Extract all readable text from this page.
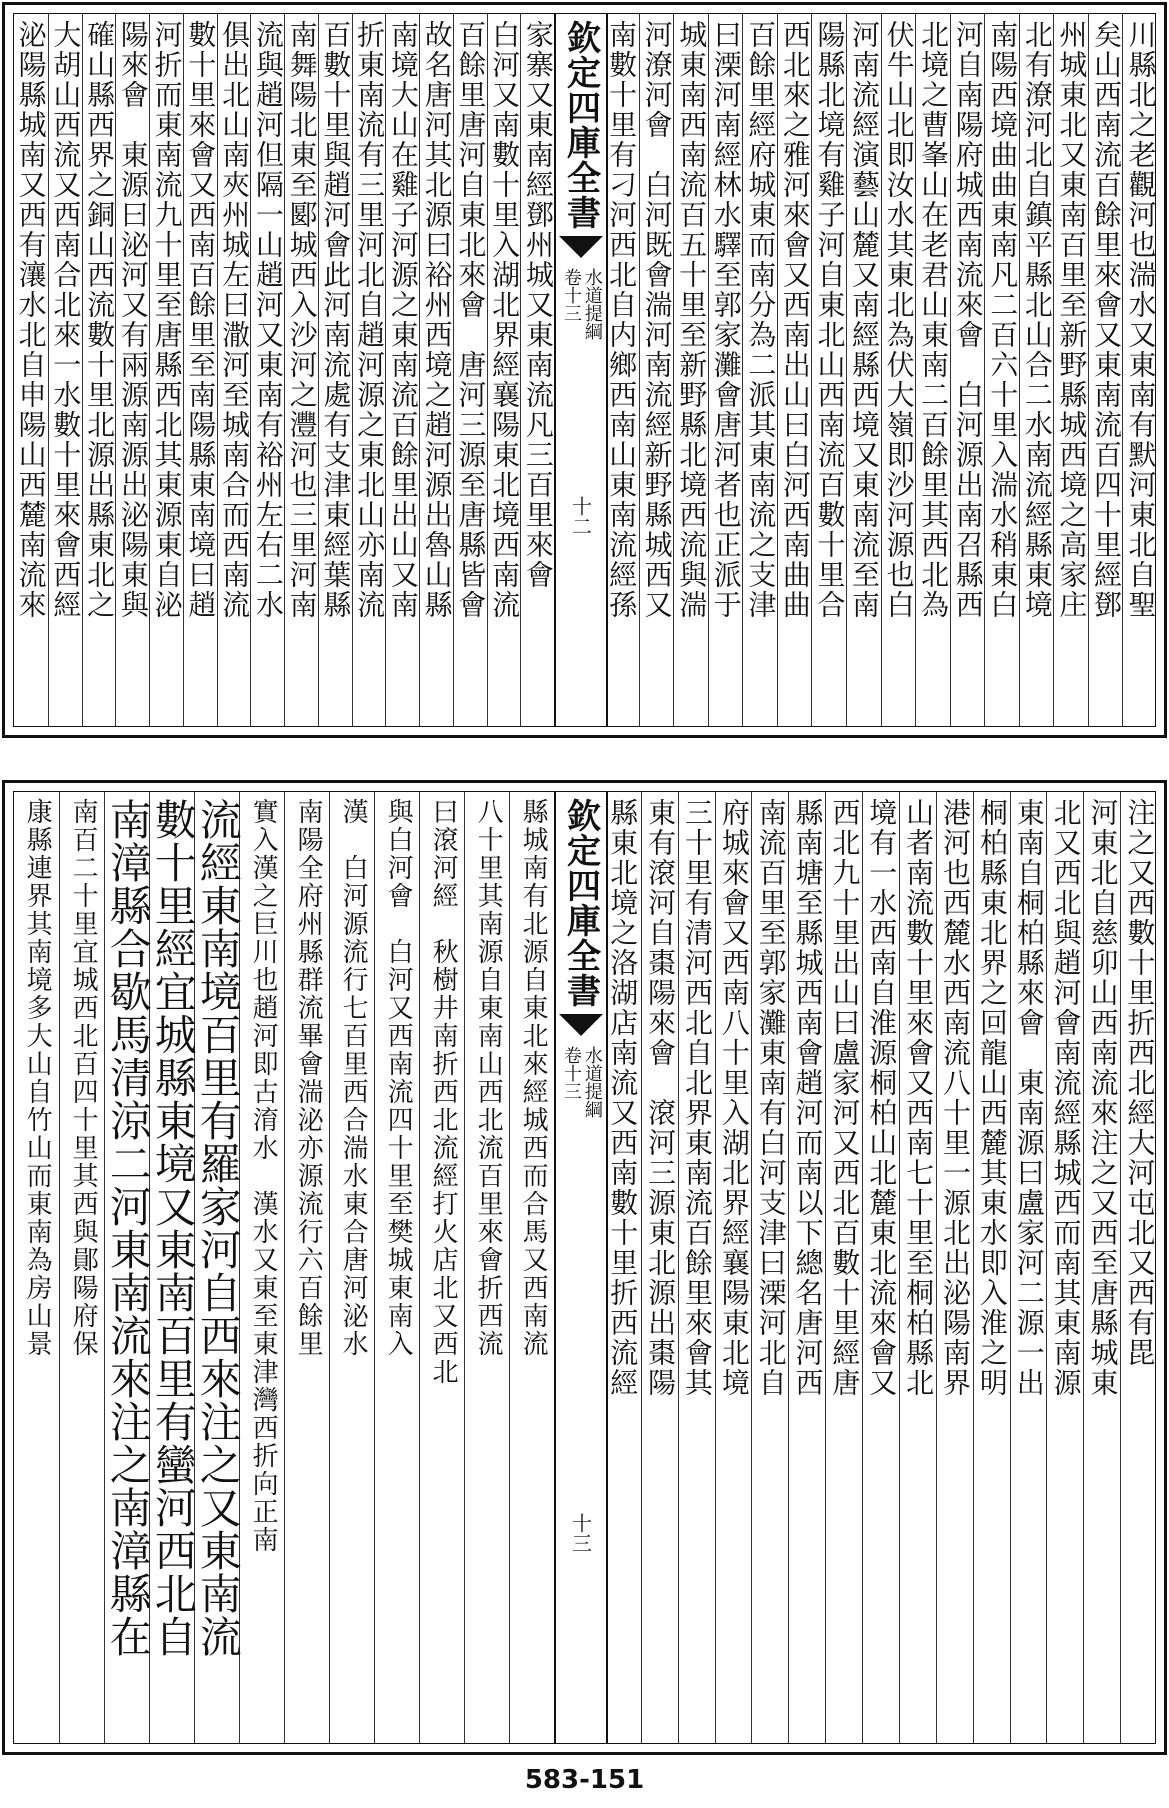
川縣北之老觀河也湍水又東南有默河東北自聖
矣山西南流百餘里來會又東南流百四十里經鄧
州城東北又東南百里至新野縣城西境之高家庄
北有潦河北自鎮平縣北山合二水南流經縣東境
南陽西境曲曲東南凡二百六十里入湍水稍東白
河自南陽府城西南流來會　白河源出南召縣西
北境之曹峯山在老君山東南二百餘里其西北為
伏牛山北即汝水其東北為伏大嶺即沙河源也白
河南流經演藝山麓又南經縣西境又東南流至南
陽縣北境有雞子河自東北山西南流百數十里合
西北來之雅河來會又西南出山曰白河西南曲曲
百餘里經府城東而南分為二派其東南流之支津
曰溧河南經林水驛至郭家灘會唐河者也正派于
城東南西南流百五十里至新野縣北境西流與湍
河潦河會　白河既會湍河南流經新野縣城西又
南數十里有刁河西北自内鄉西南山東南流經孫
欽定四庫全書
水道提綱
卷十三
十二
家寨又東南經鄧州城又東南流凡三百里來會
白河又南數十里入湖北界經襄陽東北境西南流
百餘里唐河自東北來會　唐河三源至唐縣皆會
故名唐河其北源曰裕州西境之趙河源出魯山縣
南境大山在雞子河源之東南流百餘里出山又南
折東南流有三里河北自趙河源之東北山亦南流
百數十里與趙河會此河南流處有支津東經葉縣
南舞陽北東至郾城西入沙河之灃河也三里河南
流與趙河但隔一山趙河又東南有裕州左右二水
俱出北山南夾州城左曰潵河至城南合而西南流
數十里來會又西南百餘里至南陽縣東南境曰趙
河折而東南流九十里至唐縣西北其東源東自泌
陽來會　東源曰泌河又有兩源南源出泌陽東與
確山縣西界之銅山西流數十里北源出縣東北之
大胡山西流又西南合北來一水數十里來會西經
泌陽縣城南又西有瀼水北自申陽山西麓南流來
注之又西數十里折西北經大河屯北又西有毘
河東北自慈卯山西南流來注之又西至唐縣城東
北又西北與趙河會南流經縣城西而南其東南源
東南自桐柏縣來會　東南源曰盧家河二源一出
桐柏縣東北界之回龍山西麓其東水即入淮之明
港河也西麓水西南流八十里一源北出泌陽南界
山者南流數十里來會又西南七十里至桐柏縣北
境有一水西南自淮源桐柏山北麓東北流來會又
西北九十里出山曰盧家河又西北百數十里經唐
縣南塘至縣城西南會趙河而南以下總名唐河西
南流百里至郭家灘東南有白河支津曰溧河北自
府城來會又西南八十里入湖北界經襄陽東北境
三十里有清河西北自北界東南流百餘里來會其
東有滾河自棗陽來會　滾河三源東北源出棗陽
縣東北境之洛湖店南流又西南數十里折西流經
欽定四庫全書
水道提綱
卷十三
十三
縣城南有北源自東北來經城西而合馬又西南流
八十里其南源自東南山西北流百里來會折西流
曰滾河經　秋樹井南折西北流經打火店北又西北
與白河會　白河又西南流四十里至樊城東南入
漢　白河源流行七百里西合湍水東合唐河泌水
南陽全府州縣群流畢會湍泌亦源流行六百餘里
實入漢之巨川也趙河即古淯水　漢水又東至東津灣西折向正南
流經東南境百里有羅家河自西來注之又東南流
數十里經宜城縣東境又東南百里有蠻河西北自
南漳縣合歇馬清涼二河東南流來注之南漳縣在
南百二十里宜城西北百四十里其西與鄖陽府保
康縣連界其南境多大山自竹山而東南為房山景
583-151
